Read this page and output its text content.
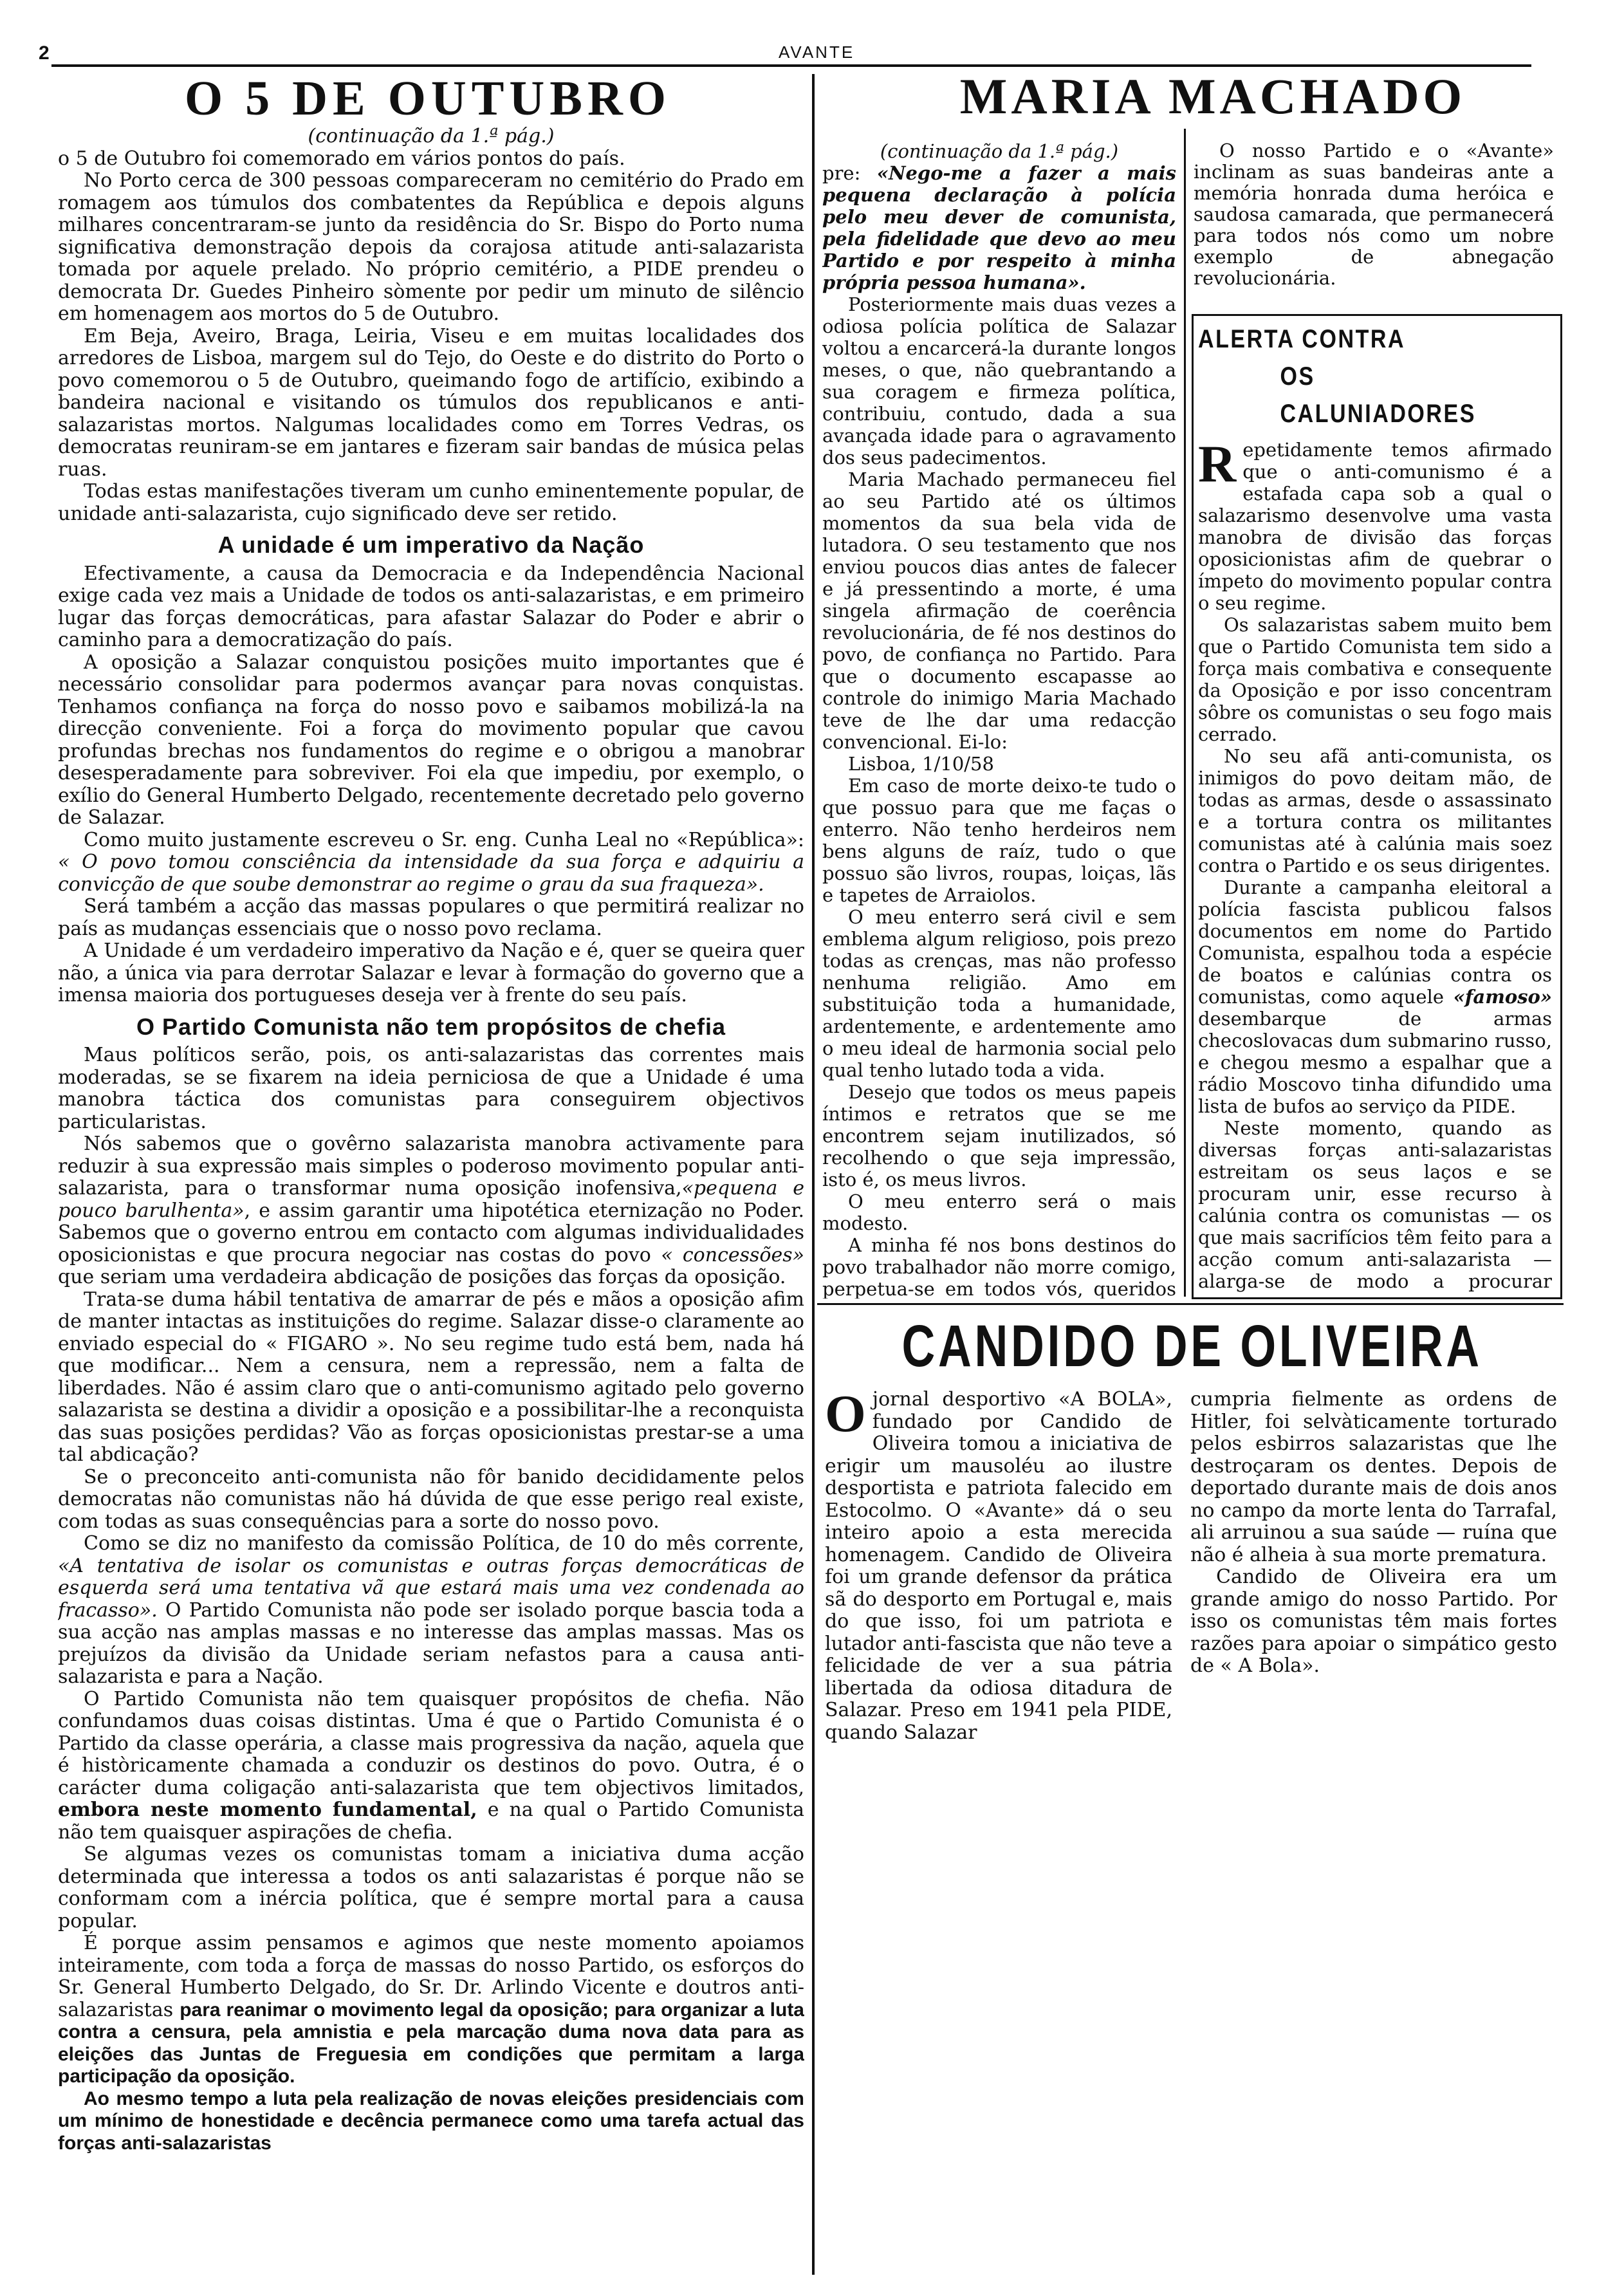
2	AVANTE
O 5 DE OUTUBRO

(continuação da 1.ª pág.)

o 5 de Outubro foi comemorado em vários pontos do país.

No Porto cerca de 300 pessoas compareceram no cemitério do Prado em romagem aos túmulos dos combatentes da República e depois alguns milhares concentraram-se junto da residência do Sr. Bispo do Porto numa significativa demonstração depois da corajosa atitude anti-salazarista tomada por aquele prelado. No próprio cemitério, a PIDE prendeu o democrata Dr. Guedes Pinheiro sòmente por pedir um minuto de silêncio em homenagem aos mortos do 5 de Outubro.

Em Beja, Aveiro, Braga, Leiria, Viseu e em muitas localidades dos arredores de Lisboa, margem sul do Tejo, do Oeste e do distrito do Porto o povo comemorou o 5 de Outubro, queimando fogo de artifício, exibindo a bandeira nacional e visitando os túmulos dos republicanos e anti-salazaristas mortos. Nalgumas localidades como em Torres Vedras, os democratas reuniram-se em jantares e fizeram sair bandas de música pelas ruas.

Todas estas manifestações tiveram um cunho eminentemente popular, de unidade anti-salazarista, cujo significado deve ser retido.

A unidade é um imperativo da Nação

Efectivamente, a causa da Democracia e da Independência Nacional exige cada vez mais a Unidade de todos os anti-salazaristas, e em primeiro lugar das forças democráticas, para afastar Salazar do Poder e abrir o caminho para a democratização do país.

A oposição a Salazar conquistou posições muito importantes que é necessário consolidar para podermos avançar para novas conquistas. Tenhamos confiança na força do nosso povo e saibamos mobilizá-la na direcção conveniente. Foi a força do movimento popular que cavou profundas brechas nos fundamentos do regime e o obrigou a manobrar desesperadamente para sobreviver. Foi ela que impediu, por exemplo, o exílio do General Humberto Delgado, recentemente decretado pelo governo de Salazar.

Como muito justamente escreveu o Sr. eng. Cunha Leal no «República»: « O povo tomou consciência da intensidade da sua força e adquiriu a convicção de que soube demonstrar ao regime o grau da sua fraqueza».

Será também a acção das massas populares o que permitirá realizar no país as mudanças essenciais que o nosso povo reclama.

A Unidade é um verdadeiro imperativo da Nação e é, quer se queira quer não, a única via para derrotar Salazar e levar à formação do governo que a imensa maioria dos portugueses deseja ver à frente do seu país.

O Partido Comunista não tem propósitos de chefia

Maus políticos serão, pois, os anti-salazaristas das correntes mais moderadas, se se fixarem na ideia perniciosa de que a Unidade é uma manobra táctica dos comunistas para conseguirem objectivos particularistas.

Nós sabemos que o govêrno salazarista manobra activamente para reduzir à sua expressão mais simples o poderoso movimento popular anti-salazarista, para o transformar numa oposição inofensiva,«pequena e pouco barulhenta», e assim garantir uma hipotética eternização no Poder. Sabemos que o governo entrou em contacto com algumas individualidades oposicionistas e que procura negociar nas costas do povo « concessões» que seriam uma verdadeira abdicação de posições das forças da oposição.

Trata-se duma hábil tentativa de amarrar de pés e mãos a oposição afim de manter intactas as instituições do regime. Salazar disse-o claramente ao enviado especial do « FIGARO ». No seu regime tudo está bem, nada há que modificar... Nem a censura, nem a repressão, nem a falta de liberdades. Não é assim claro que o anti-comunismo agitado pelo governo salazarista se destina a dividir a oposição e a possibilitar-lhe a reconquista das suas posições perdidas? Vão as forças oposicionistas prestar-se a uma tal abdicação?

Se o preconceito anti-comunista não fôr banido decididamente pelos democratas não comunistas não há dúvida de que esse perigo real existe, com todas as suas consequências para a sorte do nosso povo.

Como se diz no manifesto da comissão Política, de 10 do mês corrente, «A tentativa de isolar os comunistas e outras forças democráticas de esquerda será uma tentativa vã que estará mais uma vez condenada ao fracasso». O Partido Comunista não pode ser isolado porque bascia toda a sua acção nas amplas massas e no interesse das amplas massas. Mas os prejuízos da divisão da Unidade seriam nefastos para a causa anti-salazarista e para a Nação.

O Partido Comunista não tem quaisquer propósitos de chefia. Não confundamos duas coisas distintas. Uma é que o Partido Comunista é o Partido da classe operária, a classe mais progressiva da nação, aquela que é històricamente chamada a conduzir os destinos do povo. Outra, é o carácter duma coligação anti-salazarista que tem objectivos limitados, embora neste momento fundamental, e na qual o Partido Comunista não tem quaisquer aspirações de chefia.

Se algumas vezes os comunistas tomam a iniciativa duma acção determinada que interessa a todos os anti salazaristas é porque não se conformam com a inércia política, que é sempre mortal para a causa popular.

É porque assim pensamos e agimos que neste momento apoiamos inteiramente, com toda a força de massas do nosso Partido, os esforços do Sr. General Humberto Delgado, do Sr. Dr. Arlindo Vicente e doutros anti-salazaristas para reanimar o movimento legal da oposição; para organizar a luta contra a censura, pela amnistia e pela marcação duma nova data para as eleições das Juntas de Freguesia em condições que permitam a larga participação da oposição.

Ao mesmo tempo a luta pela realização de novas eleições presidenciais com um mínimo de honestidade e decência permanece como uma tarefa actual das forças anti-salazaristas

MARIA MACHADO

(continuação da 1.ª pág.)

pre: «Nego-me a fazer a mais pequena declaração à polícia pelo meu dever de comunista, pela fidelidade que devo ao meu Partido e por respeito à minha própria pessoa humana».

Posteriormente mais duas vezes a odiosa polícia política de Salazar voltou a encarcerá-la durante longos meses, o que, não quebrantando a sua coragem e firmeza política, contribuiu, contudo, dada a sua avançada idade para o agravamento dos seus padecimentos.

Maria Machado permaneceu fiel ao seu Partido até os últimos momentos da sua bela vida de lutadora. O seu testamento que nos enviou poucos dias antes de falecer e já pressentindo a morte, é uma singela afirmação de coerência revolucionária, de fé nos destinos do povo, de confiança no Partido. Para que o documento escapasse ao controle do inimigo Maria Machado teve de lhe dar uma redacção convencional. Ei-lo:

Lisboa, 1/10/58

Em caso de morte deixo-te tudo o que possuo para que me faças o enterro. Não tenho herdeiros nem bens alguns de raíz, tudo o que possuo são livros, roupas, loiças, lãs e tapetes de Arraiolos.

O meu enterro será civil e sem emblema algum religioso, pois prezo todas as crenças, mas não professo nenhuma religião. Amo em substituição toda a humanidade, ardentemente, e ardentemente amo o meu ideal de harmonia social pelo qual tenho lutado toda a vida.

Desejo que todos os meus papeis íntimos e retratos que se me encontrem sejam inutilizados, só recolhendo o que seja impressão, isto é, os meus livros.

O meu enterro será o mais modesto.

A minha fé nos bons destinos do povo trabalhador não morre comigo, perpetua-se em todos vós, queridos

O nosso Partido e o «Avante» inclinam as suas bandeiras ante a memória honrada duma heróica e saudosa camarada, que permanecerá para todos nós como um nobre exemplo de abnegação revolucionária.

ALERTA CONTRA
OS CALUNIADORES

Repetidamente temos afirmado que o anti-comunismo é a estafada capa sob a qual o salazarismo desenvolve uma vasta manobra de divisão das forças oposicionistas afim de quebrar o ímpeto do movimento popular contra o seu regime.

Os salazaristas sabem muito bem que o Partido Comunista tem sido a força mais combativa e consequente da Oposição e por isso concentram sôbre os comunistas o seu fogo mais cerrado.

No seu afã anti-comunista, os inimigos do povo deitam mão, de todas as armas, desde o assassinato e a tortura contra os militantes comunistas até à calúnia mais soez contra o Partido e os seus dirigentes.

Durante a campanha eleitoral a polícia fascista publicou falsos documentos em nome do Partido Comunista, espalhou toda a espécie de boatos e calúnias contra os comunistas, como aquele «famoso» desembarque de armas checoslovacas dum submarino russo, e chegou mesmo a espalhar que a rádio Moscovo tinha difundido uma lista de bufos ao serviço da PIDE.

Neste momento, quando as diversas forças anti-salazaristas estreitam os seus laços e se procuram unir, esse recurso à calúnia contra os comunistas — os que mais sacrifícios têm feito para a acção comum anti-salazarista — alarga-se de modo a procurar

CANDIDO DE OLIVEIRA

Ojornal desportivo «A BOLA», fundado por Candido de Oliveira tomou a iniciativa de erigir um mausoléu ao ilustre desportista e patriota falecido em Estocolmo. O «Avante» dá o seu inteiro apoio a esta merecida homenagem. Candido de Oliveira foi um grande defensor da prática sã do desporto em Portugal e, mais do que isso, foi um patriota e lutador anti-fascista que não teve a felicidade de ver a sua pátria libertada da odiosa ditadura de Salazar. Preso em 1941 pela PIDE, quando Salazar

cumpria fielmente as ordens de Hitler, foi selvàticamente torturado pelos esbirros salazaristas que lhe destroçaram os dentes. Depois de deportado durante mais de dois anos no campo da morte lenta do Tarrafal, ali arruinou a sua saúde — ruína que não é alheia à sua morte prematura.

Candido de Oliveira era um grande amigo do nosso Partido. Por isso os comunistas têm mais fortes razões para apoiar o simpático gesto de « A Bola».
